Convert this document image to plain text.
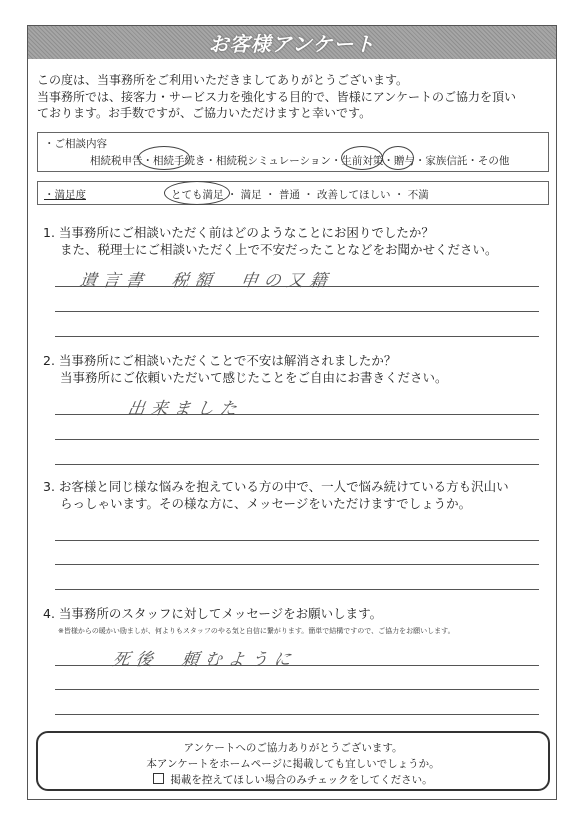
お客様アンケート
この度は、当事務所をご利用いただきましてありがとうございます。
当事務所では、接客力・サービス力を強化する目的で、皆様にアンケートのご協力を頂い
ております。お手数ですが、ご協力いただけますと幸いです。
・ご相談内容
相続税申告・相続手続き・相続税シミュレーション・生前対策・贈与・家族信託・その他
・満足度	とても満足 ・ 満足 ・ 普通 ・ 改善してほしい ・ 不満
1. 当事務所にご相談いただく前はどのようなことにお困りでしたか？
また、税理士にご相談いただく上で不安だったことなどをお聞かせください。
遺言書　税額　申の又籍
2. 当事務所にご相談いただくことで不安は解消されましたか？
当事務所にご依頼いただいて感じたことをご自由にお書きください。
出来ました
3. お客様と同じ様な悩みを抱えている方の中で、一人で悩み続けている方も沢山い
らっしゃいます。その様な方に、メッセージをいただけますでしょうか。
4. 当事務所のスタッフに対してメッセージをお願いします。
※皆様からの暖かい励ましが、何よりもスタッフのやる気と自信に繋がります。簡単で結構ですので、ご協力をお願いします。
死後　頼むように
アンケートへのご協力ありがとうございます。
本アンケートをホームページに掲載しても宜しいでしょうか。
掲載を控えてほしい場合のみチェックをしてください。
